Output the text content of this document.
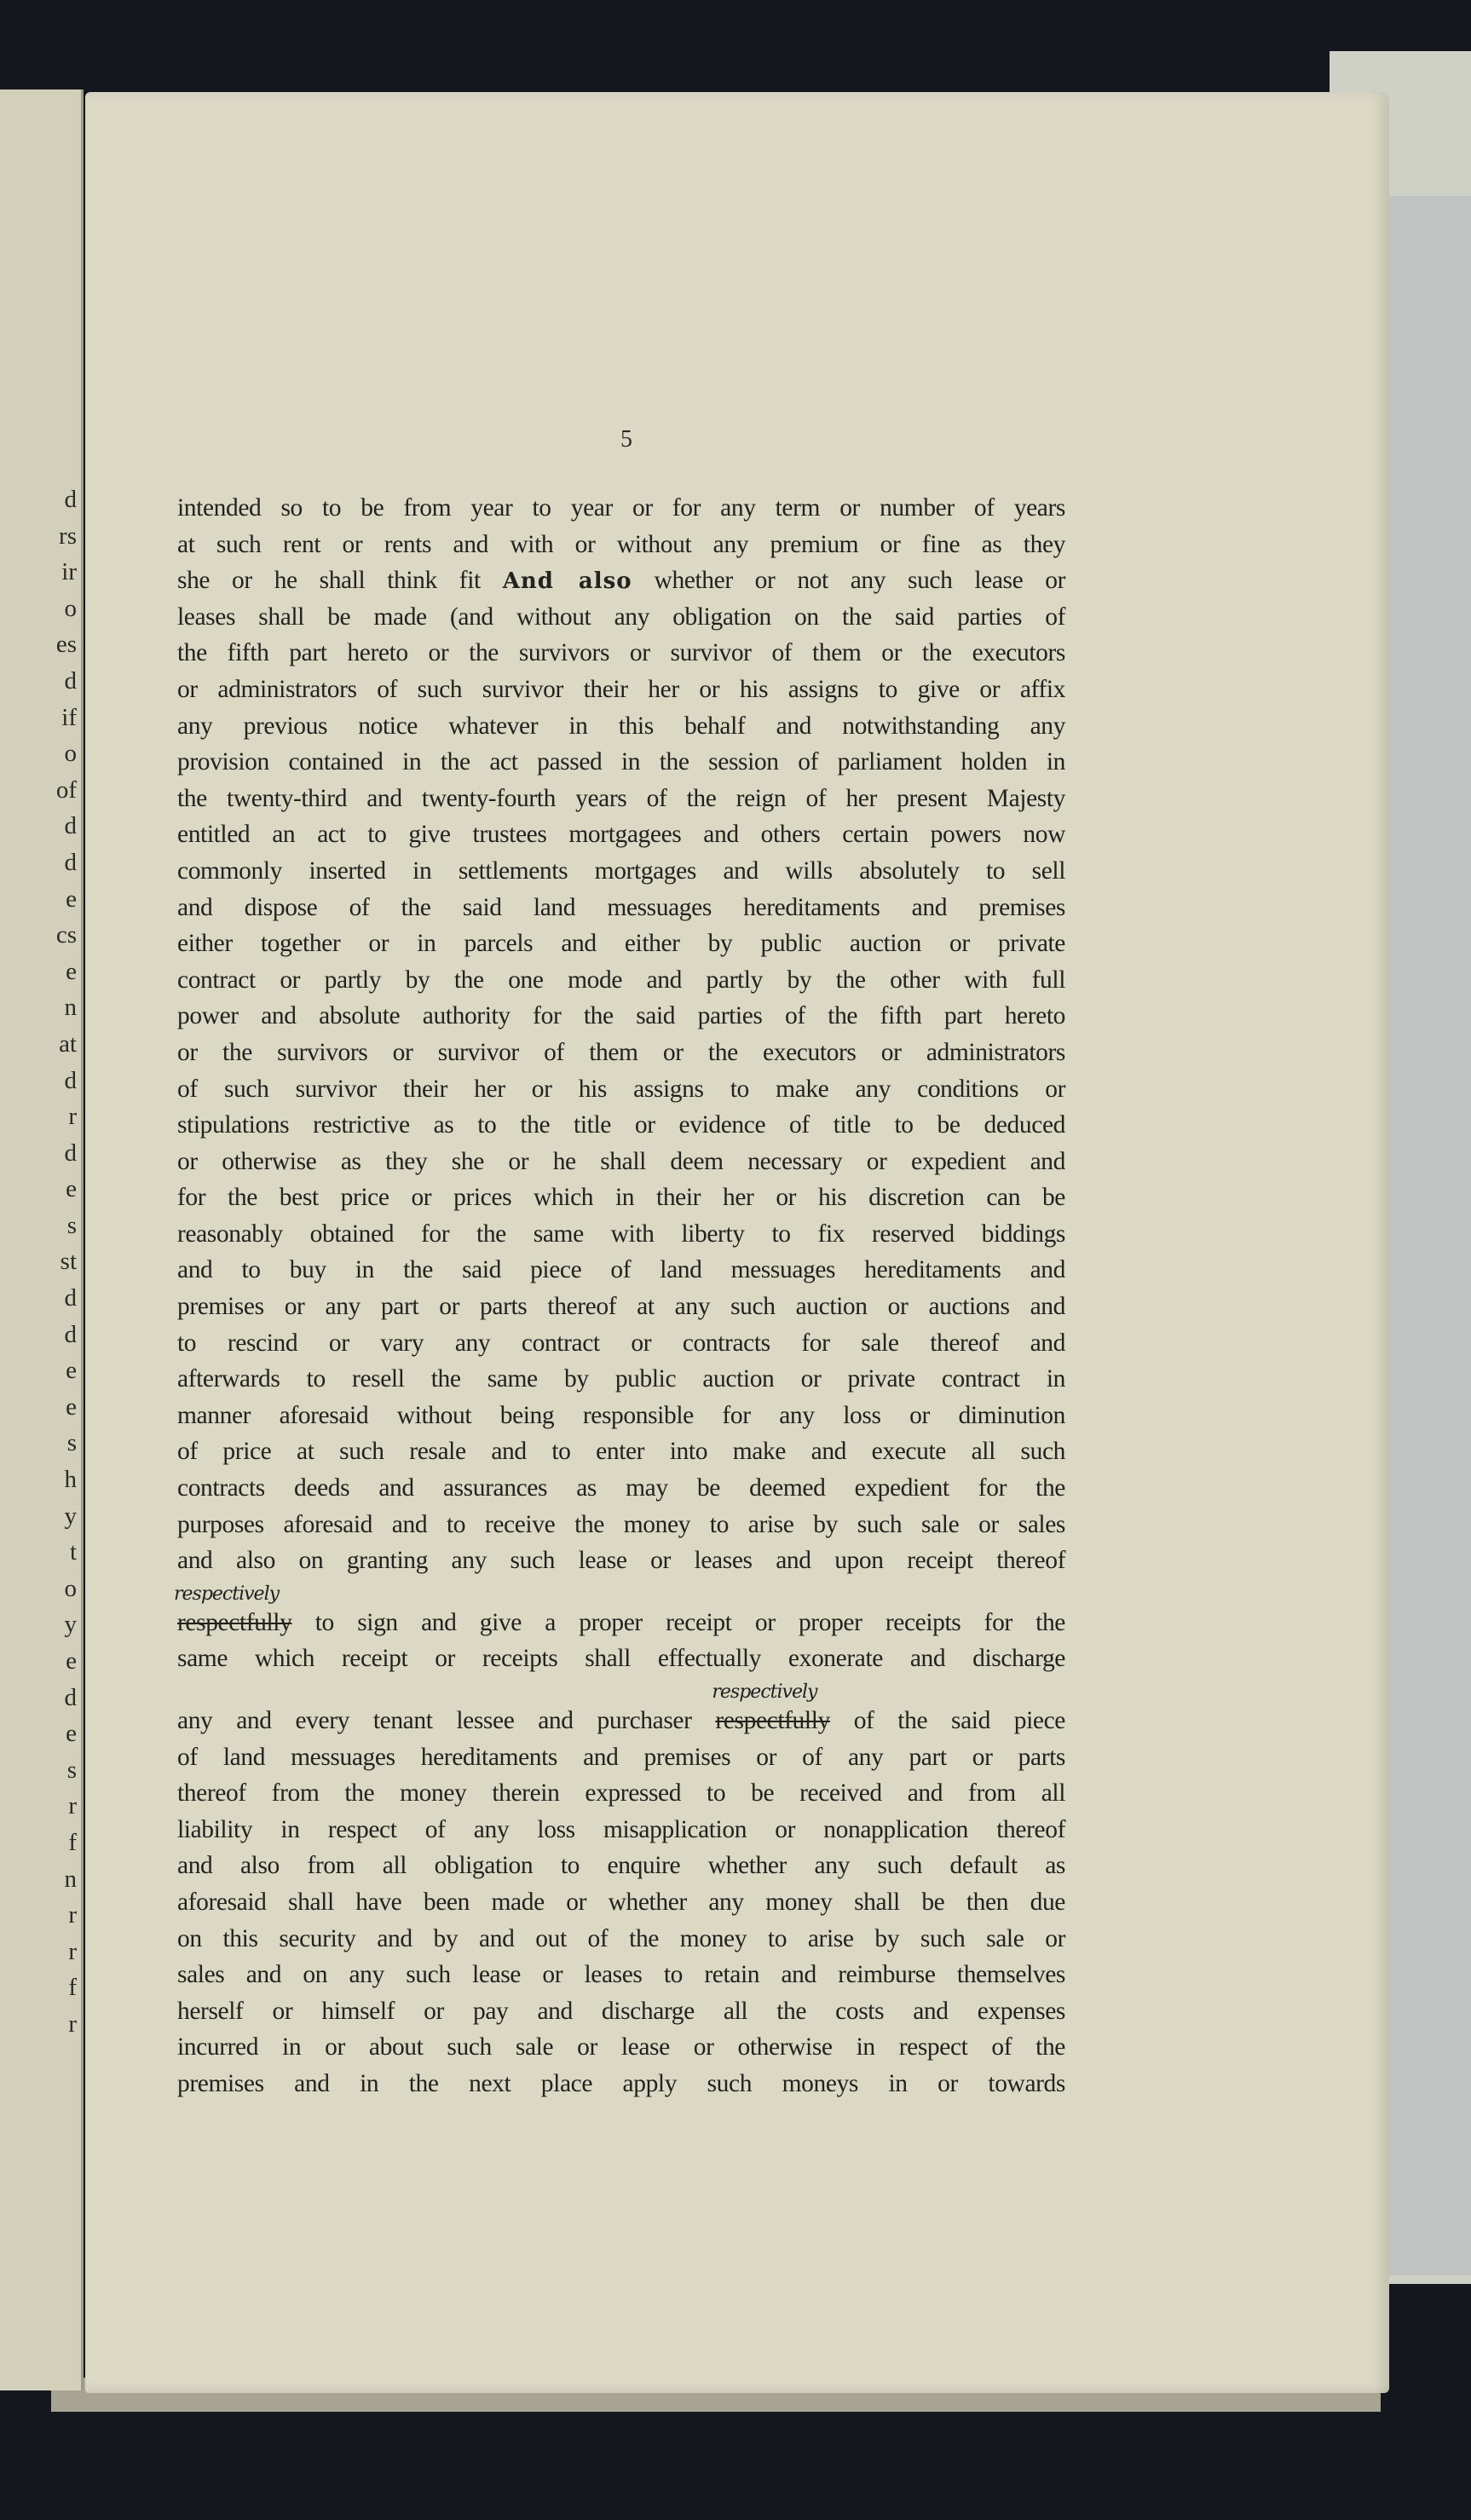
d
rs
ir
o
es
d
if
o
of
d
d
e
cs
e
n
at
d
r
d
e
s
st
d
d
e
e
s
h
y
t
o
y
e
d
e
s
r
f
n
r
r
f
r
5
intended so to be from year to year or for any term or number of years
at such rent or rents and with or without any premium or fine as they
she or he shall think fit And also whether or not any such lease or
leases shall be made (and without any obligation on the said parties of
the fifth part hereto or the survivors or survivor of them or the executors
or administrators of such survivor their her or his assigns to give or affix
any previous notice whatever in this behalf and notwithstanding any
provision contained in the act passed in the session of parliament holden in
the twenty-third and twenty-fourth years of the reign of her present Majesty
entitled an act to give trustees mortgagees and others certain powers now
commonly inserted in settlements mortgages and wills absolutely to sell
and dispose of the said land messuages hereditaments and premises
either together or in parcels and either by public auction or private
contract or partly by the one mode and partly by the other with full
power and absolute authority for the said parties of the fifth part hereto
or the survivors or survivor of them or the executors or administrators
of such survivor their her or his assigns to make any conditions or
stipulations restrictive as to the title or evidence of title to be deduced
or otherwise as they she or he shall deem necessary or expedient and
for the best price or prices which in their her or his discretion can be
reasonably obtained for the same with liberty to fix reserved biddings
and to buy in the said piece of land messuages hereditaments and
premises or any part or parts thereof at any such auction or auctions and
to rescind or vary any contract or contracts for sale thereof and
afterwards to resell the same by public auction or private contract in
manner aforesaid without being responsible for any loss or diminution
of price at such resale and to enter into make and execute all such
contracts deeds and assurances as may be deemed expedient for the
purposes aforesaid and to receive the money to arise by such sale or sales
and also on granting any such lease or leases and upon receipt thereof
respectfully
respectively
to sign and give a proper receipt or proper receipts for the
same which receipt or receipts shall effectually exonerate and discharge
any and every tenant lessee and purchaser respectfully
respectively
of the said piece
of land messuages hereditaments and premises or of any part or parts
thereof from the money therein expressed to be received and from all
liability in respect of any loss misapplication or nonapplication thereof
and also from all obligation to enquire whether any such default as
aforesaid shall have been made or whether any money shall be then due
on this security and by and out of the money to arise by such sale or
sales and on any such lease or leases to retain and reimburse themselves
herself or himself or pay and discharge all the costs and expenses
incurred in or about such sale or lease or otherwise in respect of the
premises and in the next place apply such moneys in or towards
